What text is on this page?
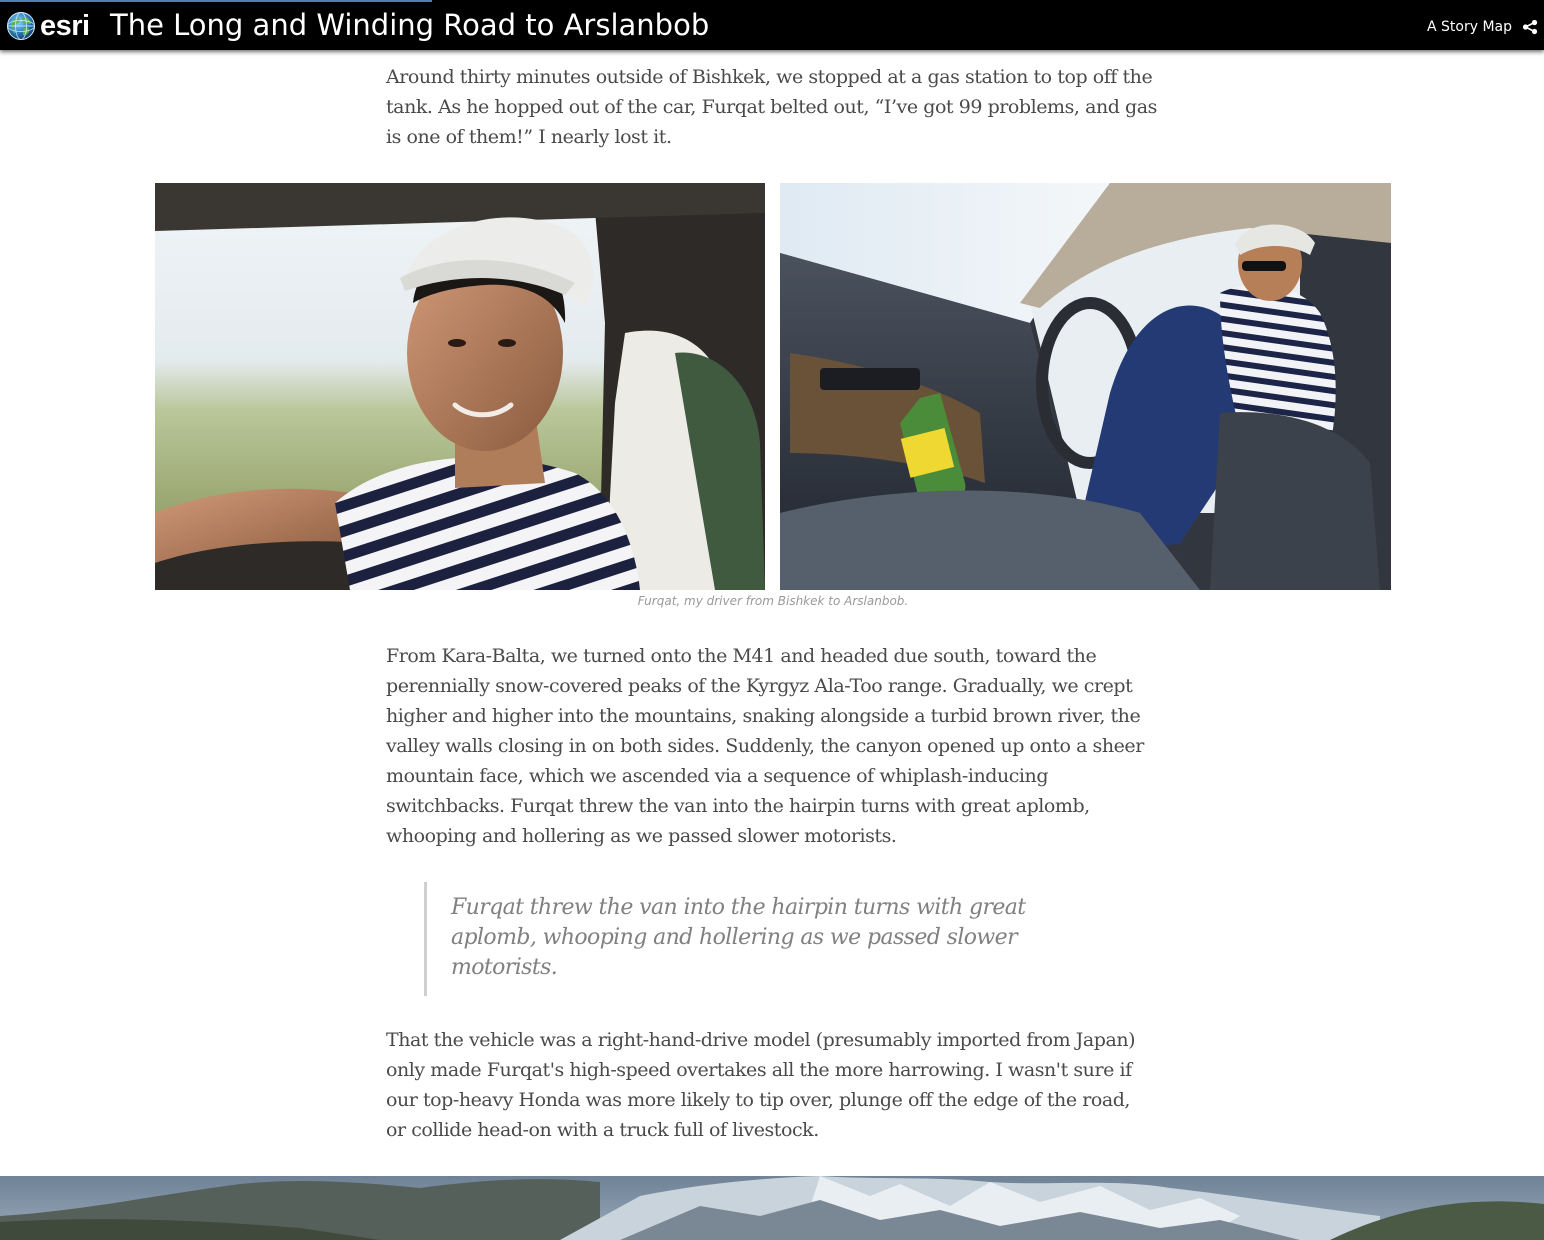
esri The Long and Winding Road to Arslanbob	A Story Map

Around thirty minutes outside of Bishkek, we stopped at a gas station to top off the
tank. As he hopped out of the car, Furqat belted out, “I’ve got 99 problems, and gas
is one of them!” I nearly lost it.

Furqat, my driver from Bishkek to Arslanbob.

From Kara-Balta, we turned onto the M41 and headed due south, toward the
perennially snow-covered peaks of the Kyrgyz Ala-Too range. Gradually, we crept
higher and higher into the mountains, snaking alongside a turbid brown river, the
valley walls closing in on both sides. Suddenly, the canyon opened up onto a sheer
mountain face, which we ascended via a sequence of whiplash-inducing
switchbacks. Furqat threw the van into the hairpin turns with great aplomb,
whooping and hollering as we passed slower motorists.

Furqat threw the van into the hairpin turns with great
aplomb, whooping and hollering as we passed slower
motorists.

That the vehicle was a right-hand-drive model (presumably imported from Japan)
only made Furqat's high-speed overtakes all the more harrowing. I wasn't sure if
our top-heavy Honda was more likely to tip over, plunge off the edge of the road,
or collide head-on with a truck full of livestock.
